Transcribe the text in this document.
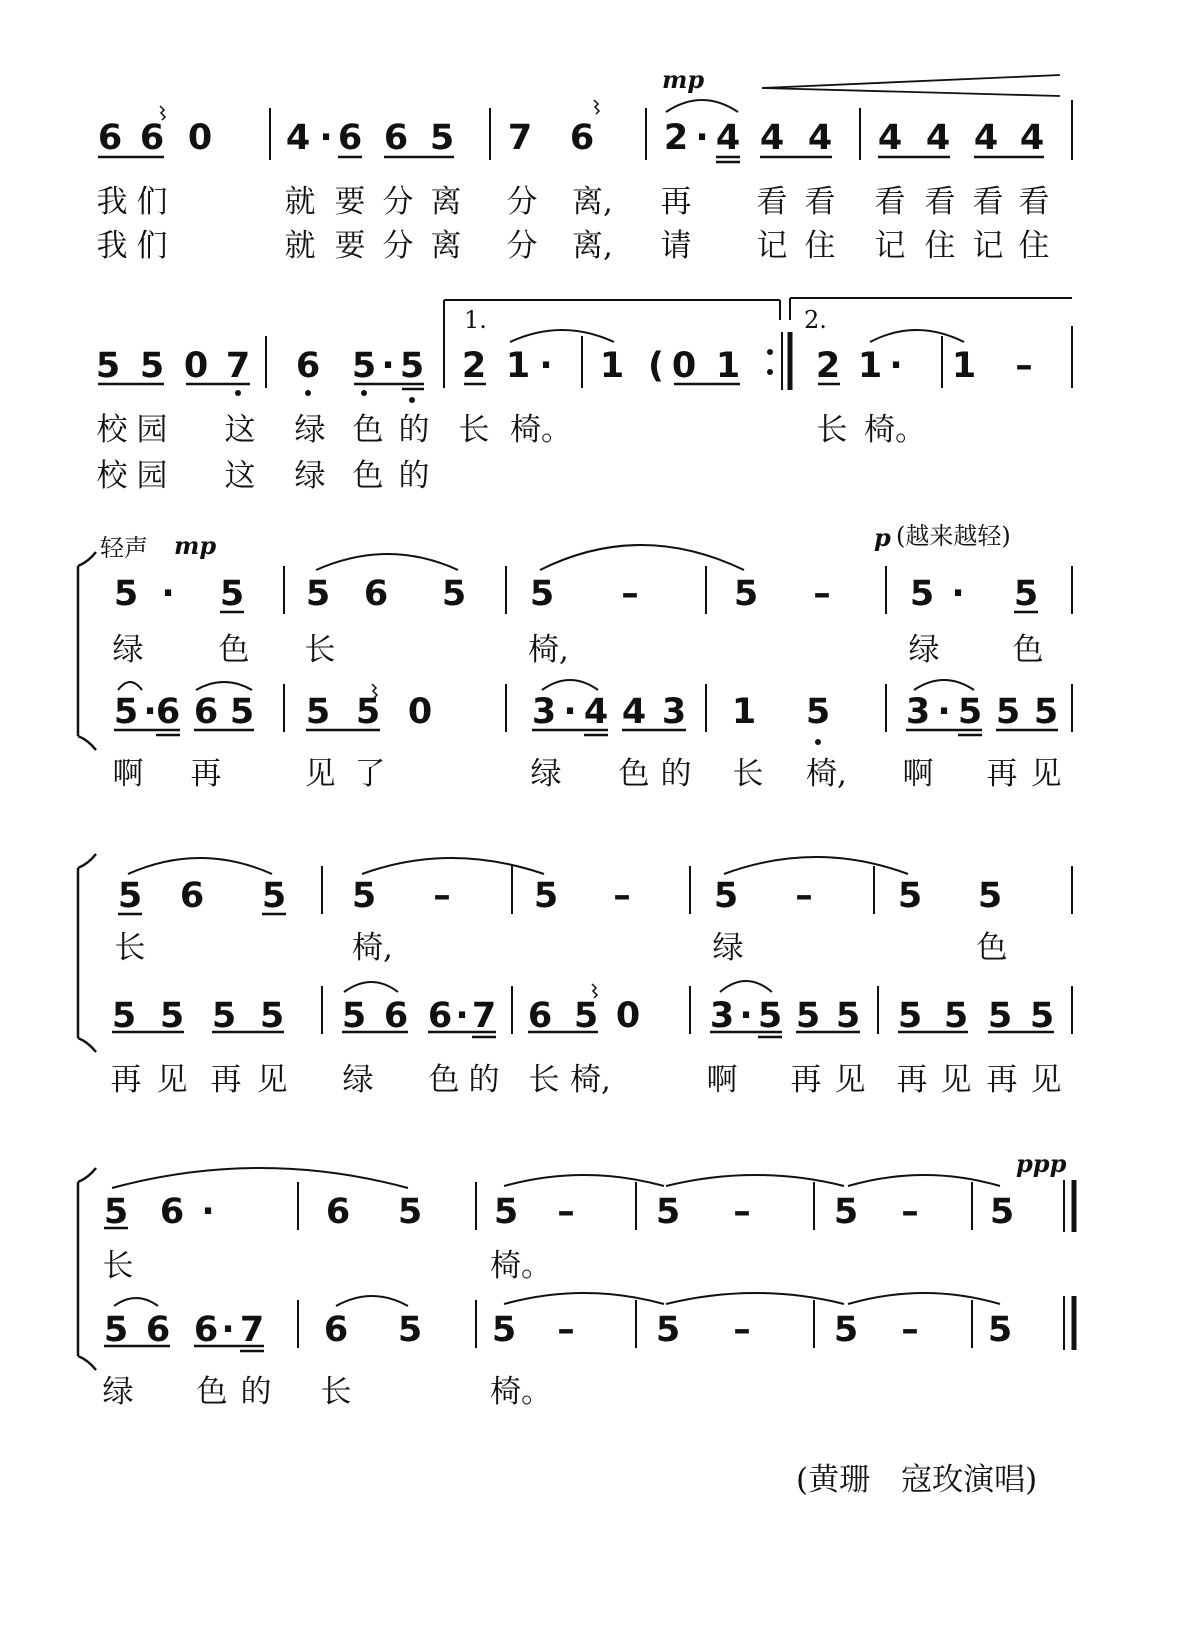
6 6 0 4 · 6 6 5 7 6 2 · 4 4 4 4 4 4 4
我 们	就 要 分 离 分 离, 再 看 看 看 看 看 看
我 们	就 要 分 离 分 离, 请 记 住 记 住 记 住
mp
5 5 0 7 6 5 · 5 2 1 ·	1 ( 0 1 2 1 ·	1	–
1.	2.
校 园 这 绿 色 的 长 椅。	长 椅。
校 园 这 绿 色 的
轻声 mp	p (越来越轻)
5 ·	5 5 6 5 5	–	5	–	5 ·	5
绿 色 长	椅,	绿 色
5 · 6 6 5 5 5 0	3 · 4 4 3 1 5 3 · 5 5 5
啊 再	见 了	绿 色 的 长 椅, 啊 再 见
5 6 5 5	–	5	–	5	–	5 5
长	椅,	绿	色
5 5 5 5 5 6 6 · 7 6 5 0 3 · 5 5 5 5 5 5 5
再 见 再 见 绿 色 的 长 椅,	啊 再 见 再 见 再 见
ppp
5 6 ·	6 5 5	–	5	–	5	–	5
长	椅。
5 6 6 · 7 6 5 5	–	5	–	5	–	5
绿 色 的 长	椅。
(黄珊　寇玫演唱)
